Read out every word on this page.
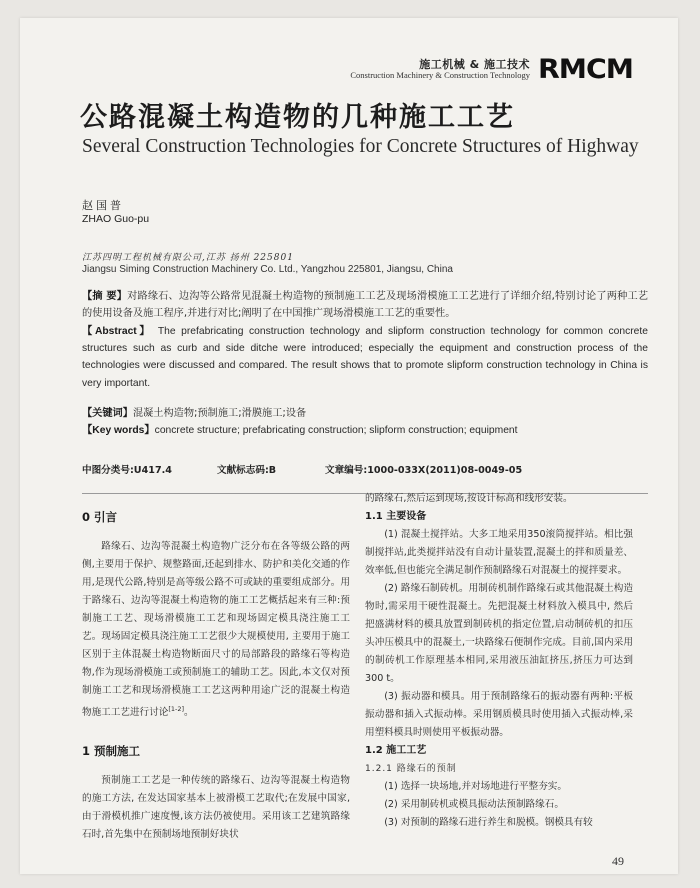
施工机械 & 施工技术
Construction Machinery & Construction Technology RMCM
公路混凝土构造物的几种施工工艺
Several Construction Technologies for Concrete Structures of Highway
赵国普
ZHAO Guo-pu
江苏四明工程机械有限公司,江苏 扬州 225801
Jiangsu Siming Construction Machinery Co. Ltd., Yangzhou 225801, Jiangsu, China
【摘 要】对路缘石、边沟等公路常见混凝土构造物的预制施工工艺及现场滑模施工工艺进行了详细介绍,特别讨论了两种工艺的使用设备及施工程序,并进行对比;阐明了在中国推广现场滑模施工工艺的重要性。
【Abstract】 The prefabricating construction technology and slipform construction technology for common concrete structures such as curb and side ditche were introduced; especially the equipment and construction process of the technologies were discussed and compared. The result shows that to promote slipform construction technology in China is very important.
【关键词】混凝土构造物;预制施工;滑膜施工;设备
【Key words】concrete structure; prefabricating construction; slipform construction; equipment
中图分类号:U417.4	文献标志码:B	文章编号:1000-033X(2011)08-0049-05
0 引言

路缘石、边沟等混凝土构造物广泛分布在各等级公路的两侧,主要用于保护、规整路面,还起到排水、防护和美化交通的作用,是现代公路,特别是高等级公路不可或缺的重要组成部分。用于路缘石、边沟等混凝土构造物的施工工艺概括起来有三种:预制施工工艺、现场滑模施工工艺和现场固定模具浇注施工工艺。现场固定模具浇注施工工艺很少大规模使用, 主要用于施工区别于主体混凝土构造物断面尺寸的局部路段的路缘石等构造物,作为现场滑模施工或预制施工的辅助工艺。因此,本文仅对预制施工工艺和现场滑模施工工艺这两种用途广泛的混凝土构造物施工工艺进行讨论[1-2]。

1 预制施工

预制施工工艺是一种传统的路缘石、边沟等混凝土构造物的施工方法, 在发达国家基本上被滑模工艺取代;在发展中国家,由于滑模机推广速度慢,该方法仍被使用。采用该工艺建筑路缘石时,首先集中在预制场地预制好块状

的路缘石,然后运到现场,按设计标高和线形安装。

1.1 主要设备

(1) 混凝土搅拌站。大多工地采用350滚筒搅拌站。相比强制搅拌站,此类搅拌站没有自动计量装置,混凝土的拌和质量差、效率低,但也能完全满足制作预制路缘石对混凝土的搅拌要求。

(2) 路缘石制砖机。用制砖机制作路缘石或其他混凝土构造物时,需采用干硬性混凝土。先把混凝土材料放入模具中, 然后把盛满材料的模具放置到制砖机的指定位置,启动制砖机的扣压头冲压模具中的混凝土,一块路缘石便制作完成。目前,国内采用的制砖机工作原理基本相同,采用液压油缸挤压,挤压力可达到300 t。

(3) 振动器和模具。用于预制路缘石的振动器有两种:平板振动器和插入式振动棒。采用钢质模具时使用插入式振动棒,采用塑料模具时则使用平板振动器。

1.2 施工工艺
1.2.1 路缘石的预制

(1) 选择一块场地,并对场地进行平整夯实。

(2) 采用制砖机或模具振动法预制路缘石。

(3) 对预制的路缘石进行养生和脱模。钢模具有较

49
